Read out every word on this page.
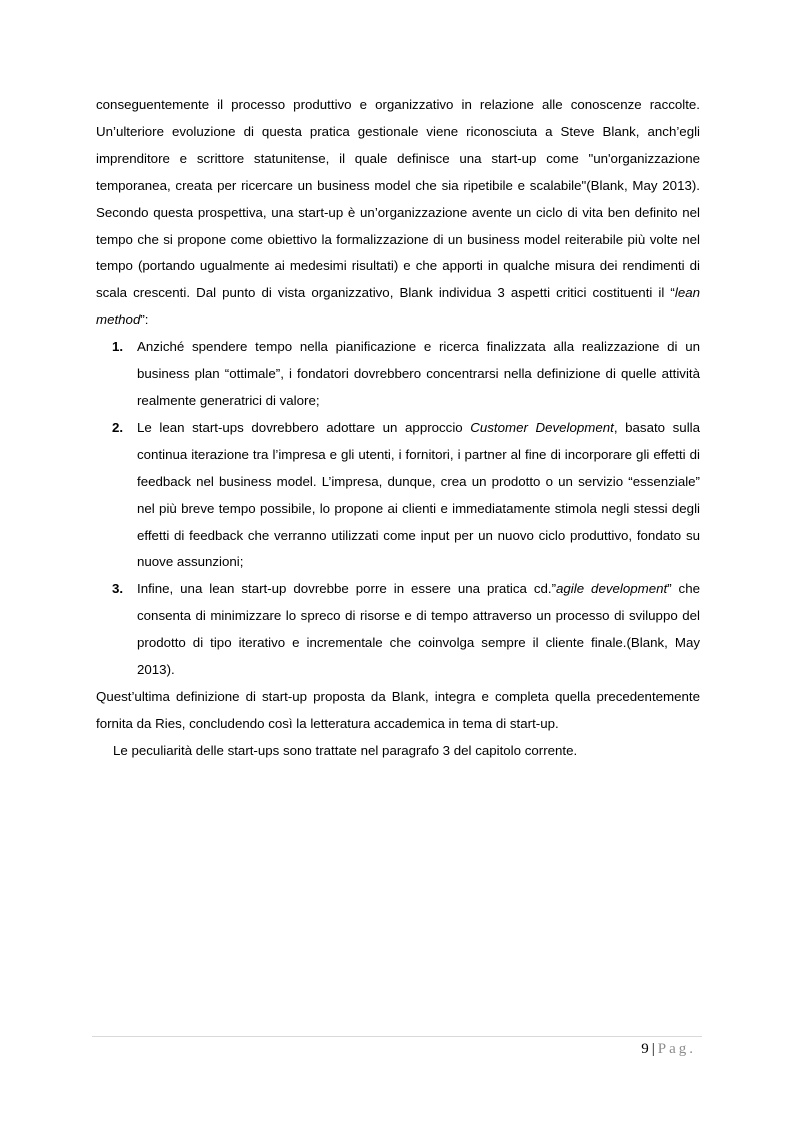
conseguentemente il processo produttivo e organizzativo in relazione alle conoscenze raccolte. Un’ulteriore evoluzione di questa pratica gestionale viene riconosciuta a Steve Blank, anch’egli imprenditore e scrittore statunitense, il quale definisce una start-up come "un'organizzazione temporanea, creata per ricercare un business model che sia ripetibile e scalabile"(Blank, May 2013). Secondo questa prospettiva, una start-up è un’organizzazione avente un ciclo di vita ben definito nel tempo che si propone come obiettivo la formalizzazione di un business model reiterabile più volte nel tempo (portando ugualmente ai medesimi risultati) e che apporti in qualche misura dei rendimenti di scala crescenti. Dal punto di vista organizzativo, Blank individua 3 aspetti critici costituenti il “lean method”:

1. Anziché spendere tempo nella pianificazione e ricerca finalizzata alla realizzazione di un business plan “ottimale”, i fondatori dovrebbero concentrarsi nella definizione di quelle attività realmente generatrici di valore;
2. Le lean start-ups dovrebbero adottare un approccio Customer Development, basato sulla continua iterazione tra l’impresa e gli utenti, i fornitori, i partner al fine di incorporare gli effetti di feedback nel business model. L’impresa, dunque, crea un prodotto o un servizio “essenziale” nel più breve tempo possibile, lo propone ai clienti e immediatamente stimola negli stessi degli effetti di feedback che verranno utilizzati come input per un nuovo ciclo produttivo, fondato su nuove assunzioni;
3. Infine, una lean start-up dovrebbe porre in essere una pratica cd.”agile development” che consenta di minimizzare lo spreco di risorse e di tempo attraverso un processo di sviluppo del prodotto di tipo iterativo e incrementale che coinvolga sempre il cliente finale.(Blank, May 2013).

Quest’ultima definizione di start-up proposta da Blank, integra e completa quella precedentemente fornita da Ries, concludendo così la letteratura accademica in tema di start-up.

Le peculiarità delle start-ups sono trattate nel paragrafo 3 del capitolo corrente.

9 | Pag.
